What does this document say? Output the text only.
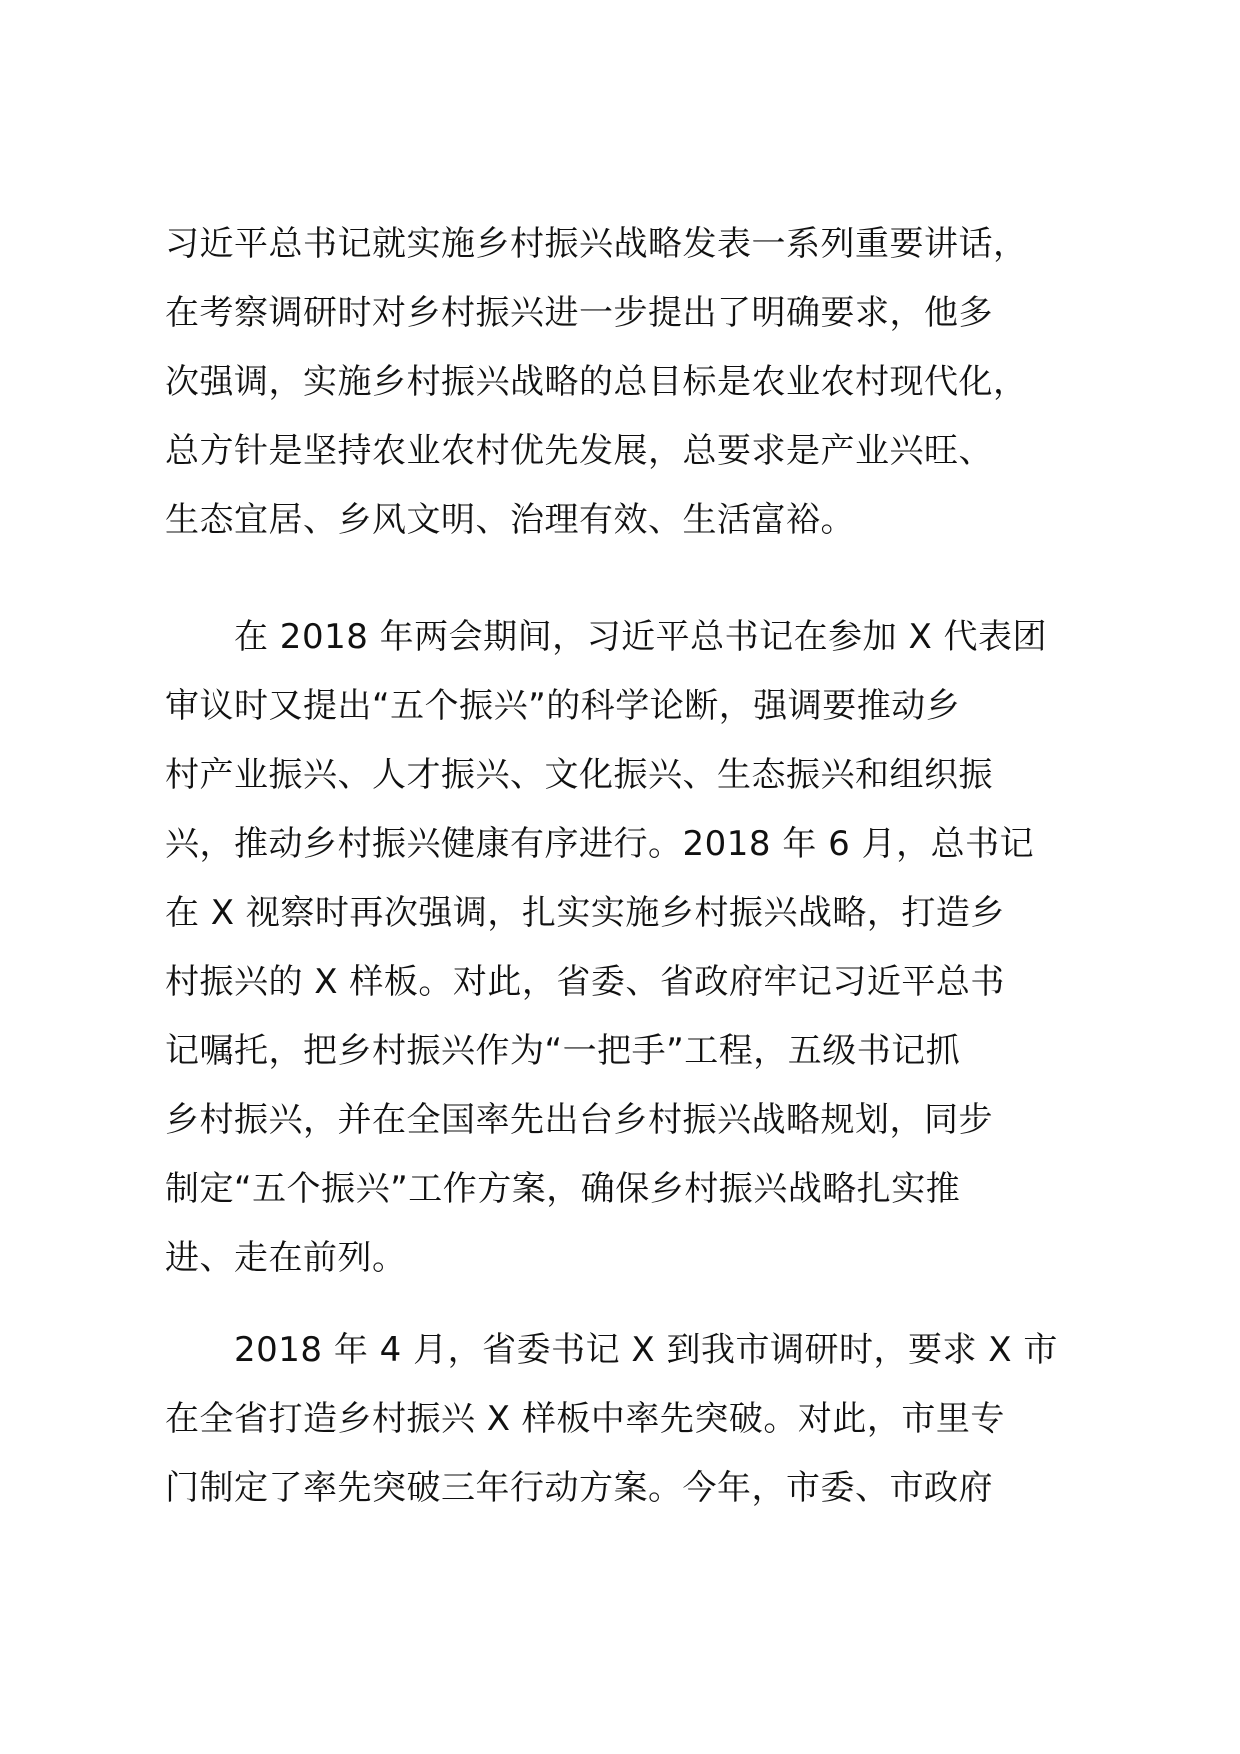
习近平总书记就实施乡村振兴战略发表一系列重要讲话，
在考察调研时对乡村振兴进一步提出了明确要求，他多
次强调，实施乡村振兴战略的总目标是农业农村现代化，
总方针是坚持农业农村优先发展，总要求是产业兴旺、
生态宜居、乡风文明、治理有效、生活富裕。
　　在 2018 年两会期间，习近平总书记在参加 X 代表团
审议时又提出“五个振兴”的科学论断，强调要推动乡
村产业振兴、人才振兴、文化振兴、生态振兴和组织振
兴，推动乡村振兴健康有序进行。2018 年 6 月，总书记
在 X 视察时再次强调，扎实实施乡村振兴战略，打造乡
村振兴的 X 样板。对此，省委、省政府牢记习近平总书
记嘱托，把乡村振兴作为“一把手”工程，五级书记抓
乡村振兴，并在全国率先出台乡村振兴战略规划，同步
制定“五个振兴”工作方案，确保乡村振兴战略扎实推
进、走在前列。
　　2018 年 4 月，省委书记 X 到我市调研时，要求 X 市
在全省打造乡村振兴 X 样板中率先突破。对此，市里专
门制定了率先突破三年行动方案。今年，市委、市政府
